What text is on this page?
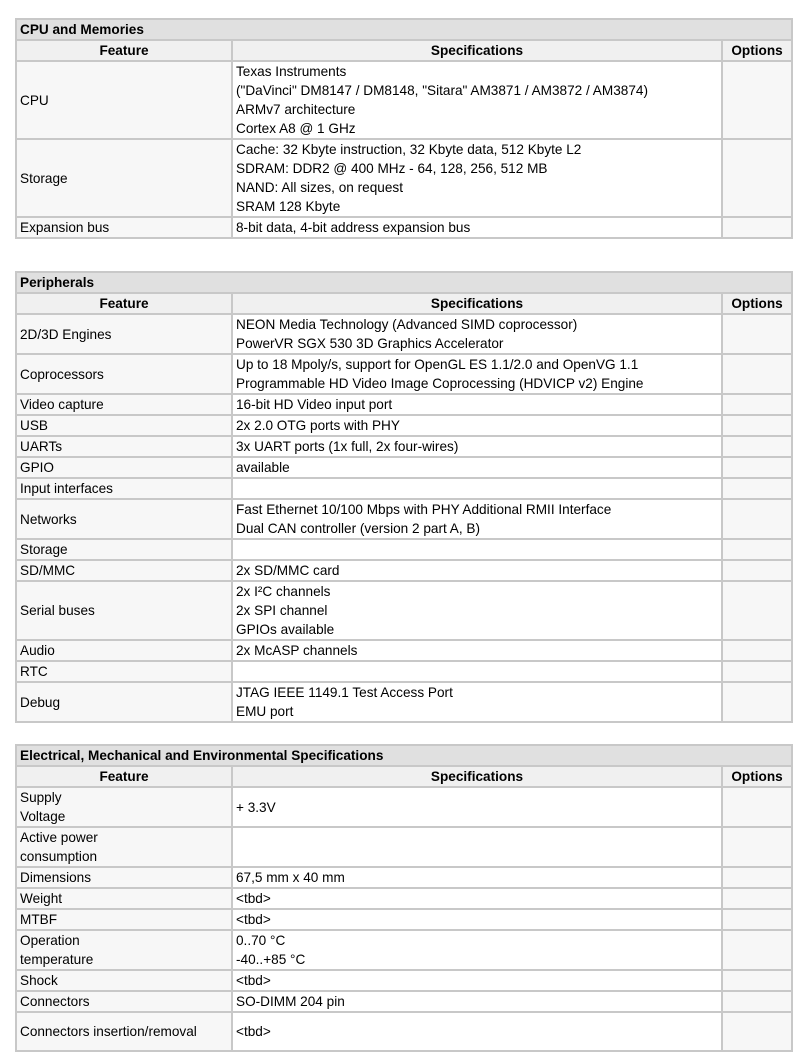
CPU and Memories		
Feature	Specifications	Options

CPU	Texas Instruments
("DaVinci" DM8147 / DM8148, "Sitara" AM3871 / AM3872 / AM3874)
ARMv7 architecture
Cortex A8 @ 1 GHz	

Storage	Cache: 32 Kbyte instruction, 32 Kbyte data, 512 Kbyte L2
SDRAM: DDR2 @ 400 MHz - 64, 128, 256, 512 MB
NAND: All sizes, on request
SRAM 128 Kbyte	

Expansion bus	8-bit data, 4-bit address expansion bus	

Peripherals		
Feature	Specifications	Options

2D/3D Engines	NEON Media Technology (Advanced SIMD coprocessor)
PowerVR SGX 530 3D Graphics Accelerator	

Coprocessors	Up to 18 Mpoly/s, support for OpenGL ES 1.1/2.0 and OpenVG 1.1
Programmable HD Video Image Coprocessing (HDVICP v2) Engine	

Video capture	16-bit HD Video input port	

USB	2x 2.0 OTG ports with PHY	

UARTs	3x UART ports (1x full, 2x four-wires)	

GPIO	available	

Input interfaces		

Networks	Fast Ethernet 10/100 Mbps with PHY Additional RMII Interface
Dual CAN controller (version 2 part A, B)	

Storage		

SD/MMC	2x SD/MMC card	

Serial buses	2x I²C channels
2x SPI channel
GPIOs available	

Audio	2x McASP channels	

RTC		

Debug	JTAG IEEE 1149.1 Test Access Port
EMU port	

Electrical, Mechanical and Environmental Specifications		
Feature	Specifications	Options

Supply
Voltage	+ 3.3V	

Active power
consumption		

Dimensions	67,5 mm x 40 mm	

Weight	<tbd>	

MTBF	<tbd>	

Operation
temperature	0..70 °C
-40..+85 °C	

Shock	<tbd>	

Connectors	SO-DIMM 204 pin	

Connectors insertion/removal	<tbd>	
